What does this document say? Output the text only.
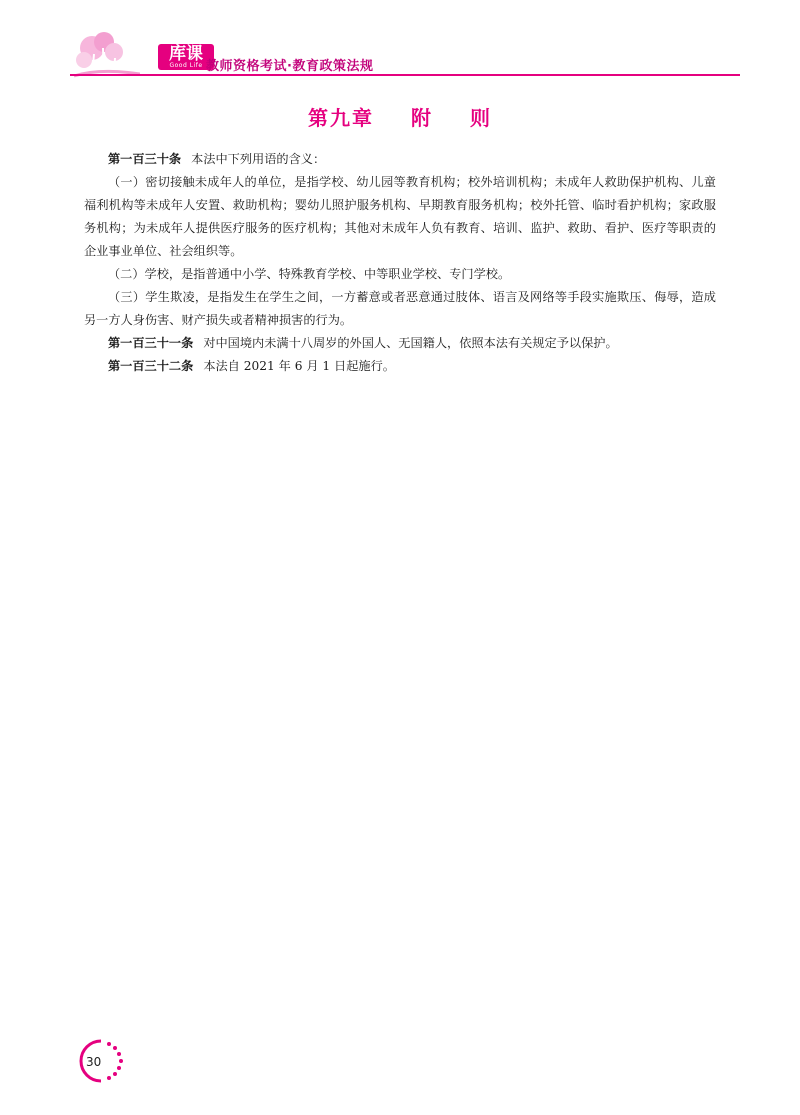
库课
Good Life 教师资格考试·教育政策法规
第九章 附 则

第一百三十条 本法中下列用语的含义：

（一）密切接触未成年人的单位，是指学校、幼儿园等教育机构；校外培训机构；未成年人救助保护机构、儿童福利机构等未成年人安置、救助机构；婴幼儿照护服务机构、早期教育服务机构；校外托管、临时看护机构；家政服务机构；为未成年人提供医疗服务的医疗机构；其他对未成年人负有教育、培训、监护、救助、看护、医疗等职责的企业事业单位、社会组织等。

（二）学校，是指普通中小学、特殊教育学校、中等职业学校、专门学校。

（三）学生欺凌，是指发生在学生之间，一方蓄意或者恶意通过肢体、语言及网络等手段实施欺压、侮辱，造成另一方人身伤害、财产损失或者精神损害的行为。

第一百三十一条 对中国境内未满十八周岁的外国人、无国籍人，依照本法有关规定予以保护。

第一百三十二条 本法自 2021 年 6 月 1 日起施行。

30
